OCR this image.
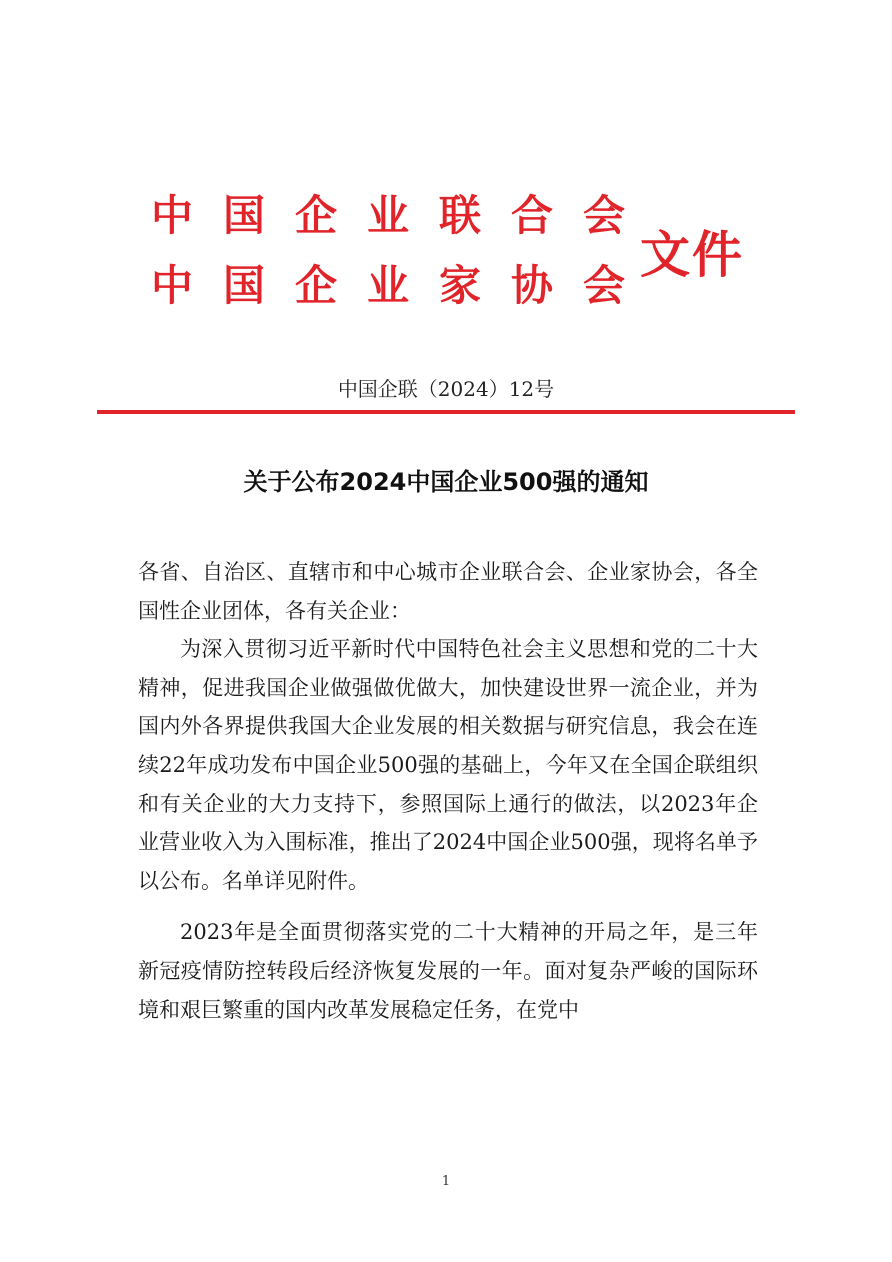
中 国 企 业 联 合 会
中 国 企 业 家 协 会
文件
中国企联（2024）12号
关于公布2024中国企业500强的通知

各省、自治区、直辖市和中心城市企业联合会、企业家协会，各全国性企业团体，各有关企业：

为深入贯彻习近平新时代中国特色社会主义思想和党的二十大精神，促进我国企业做强做优做大，加快建设世界一流企业，并为国内外各界提供我国大企业发展的相关数据与研究信息，我会在连续22年成功发布中国企业500强的基础上，今年又在全国企联组织和有关企业的大力支持下，参照国际上通行的做法，以2023年企业营业收入为入围标准，推出了2024中国企业500强，现将名单予以公布。名单详见附件。

2023年是全面贯彻落实党的二十大精神的开局之年，是三年新冠疫情防控转段后经济恢复发展的一年。面对复杂严峻的国际环境和艰巨繁重的国内改革发展稳定任务，在党中

1
